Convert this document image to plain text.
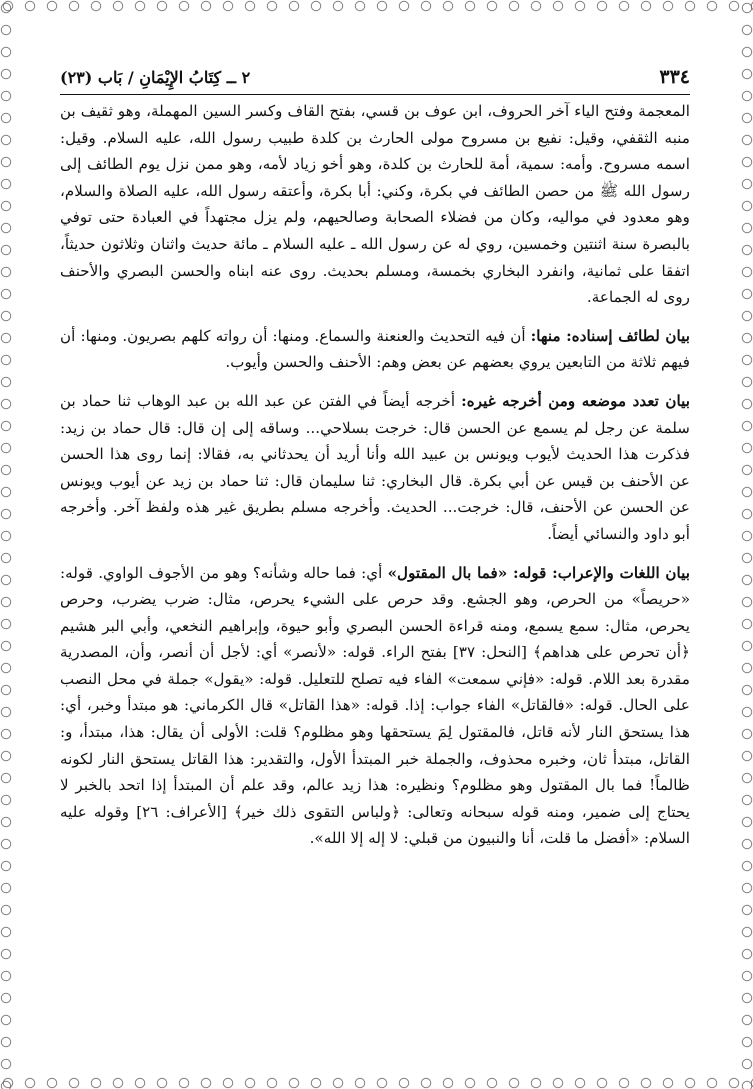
٣٣٤
٢ ــ كِتَابُ الإِيْمَانِ / بَاب (٢٣)

المعجمة وفتح الياء آخر الحروف، ابن عوف بن قسي، بفتح القاف وكسر السين المهملة، وهو ثقيف بن منبه الثقفي، وقيل: نفيع بن مسروح مولى الحارث بن كلدة طبيب رسول الله، عليه السلام. وقيل: اسمه مسروح. وأمه: سمية، أمة للحارث بن كلدة، وهو أخو زياد لأمه، وهو ممن نزل يوم الطائف إلى رسول الله ﷺ من حصن الطائف في بكرة، وكني: أبا بكرة، وأعتقه رسول الله، عليه الصلاة والسلام، وهو معدود في مواليه، وكان من فضلاء الصحابة وصالحيهم، ولم يزل مجتهداً في العبادة حتى توفي بالبصرة سنة اثنتين وخمسين، روي له عن رسول الله ـ عليه السلام ـ مائة حديث واثنان وثلاثون حديثاً، اتفقا على ثمانية، وانفرد البخاري بخمسة، ومسلم بحديث. روى عنه ابناه والحسن البصري والأحنف روى له الجماعة.

بيان لطائف إسناده: منها: أن فيه التحديث والعنعنة والسماع. ومنها: أن رواته كلهم بصريون. ومنها: أن فيهم ثلاثة من التابعين يروي بعضهم عن بعض وهم: الأحنف والحسن وأيوب.

بيان تعدد موضعه ومن أخرجه غيره: أخرجه أيضاً في الفتن عن عبد الله بن عبد الوهاب ثنا حماد بن سلمة عن رجل لم يسمع عن الحسن قال: خرجت بسلاحي... وساقه إلى إن قال: قال حماد بن زيد: فذكرت هذا الحديث لأيوب ويونس بن عبيد الله وأنا أريد أن يحدثاني به، فقالا: إنما روى هذا الحسن عن الأحنف بن قيس عن أبي بكرة. قال البخاري: ثنا سليمان قال: ثنا حماد بن زيد عن أيوب ويونس عن الحسن عن الأحنف، قال: خرجت... الحديث. وأخرجه مسلم بطريق غير هذه ولفظ آخر. وأخرجه أبو داود والنسائي أيضاً.

بيان اللغات والإعراب: قوله: «فما بال المقتول» أي: فما حاله وشأنه؟ وهو من الأجوف الواوي. قوله: «حريصاً» من الحرص، وهو الجشع. وقد حرص على الشيء يحرص، مثال: ضرب يضرب، وحرص يحرص، مثال: سمع يسمع، ومنه قراءة الحسن البصري وأبو حيوة، وإبراهيم النخعي، وأبي البر هشيم ﴿أن تحرص على هداهم﴾ [النحل: ٣٧] بفتح الراء. قوله: «لأنصر» أي: لأجل أن أنصر، وأن، المصدرية مقدرة بعد اللام. قوله: «فإني سمعت» الفاء فيه تصلح للتعليل. قوله: «يقول» جملة في محل النصب على الحال. قوله: «فالقاتل» الفاء جواب: إذا. قوله: «هذا القاتل» قال الكرماني: هو مبتدأ وخبر، أي: هذا يستحق النار لأنه قاتل، فالمقتول لِمَ يستحقها وهو مظلوم؟ قلت: الأولى أن يقال: هذا، مبتدأ، و: القاتل، مبتدأ ثان، وخبره محذوف، والجملة خبر المبتدأ الأول، والتقدير: هذا القاتل يستحق النار لكونه ظالماً! فما بال المقتول وهو مظلوم؟ ونظيره: هذا زيد عالم، وقد علم أن المبتدأ إذا اتحد بالخبر لا يحتاج إلى ضمير، ومنه قوله سبحانه وتعالى: ﴿ولباس التقوى ذلك خير﴾ [الأعراف: ٢٦] وقوله عليه السلام: «أفضل ما قلت، أنا والنبيون من قبلي: لا إله إلا الله».
